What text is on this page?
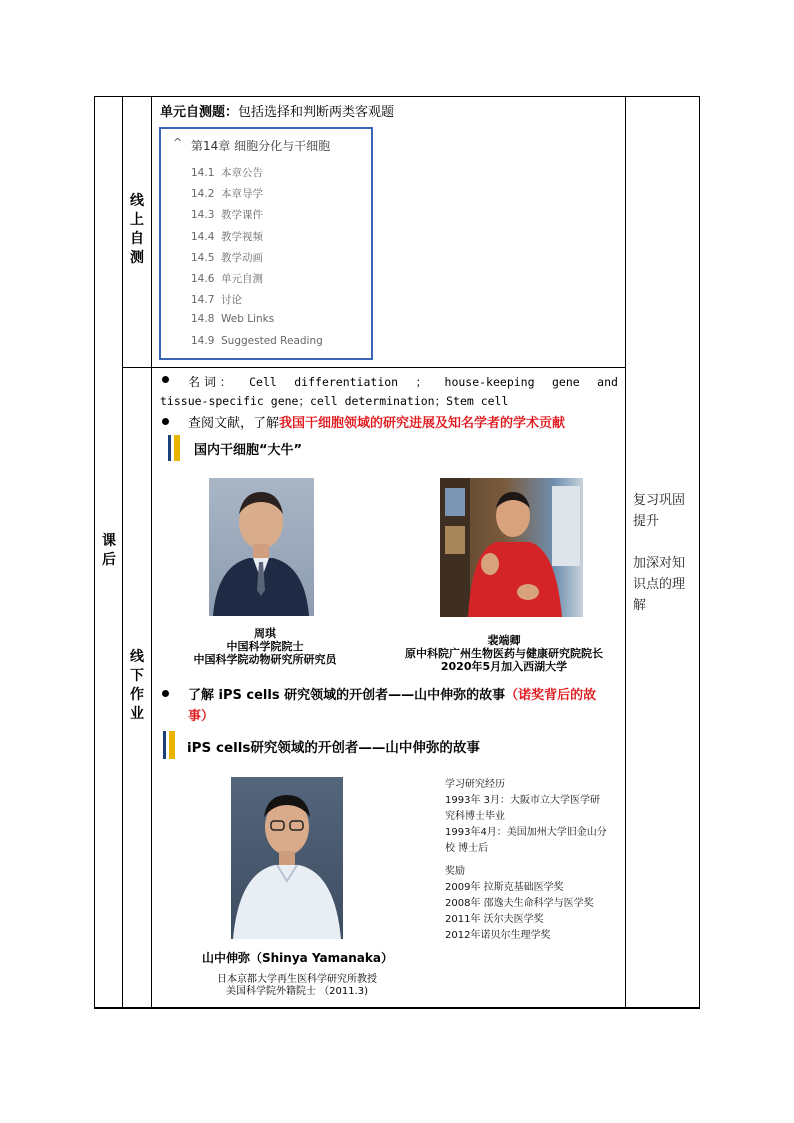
课
后
线
上
自
测
线
下
作
业
单元自测题：包括选择和判断两类客观题
^ 第14章 细胞分化与干细胞
14.1 本章公告
14.2 本章导学
14.3 教学课件
14.4 教学视频
14.5 教学动画
14.6 单元自测
14.7 讨论
14.8 Web Links
14.9 Suggested Reading
名 词 ： Cell differentiation ； house-keeping gene and
tissue-specific gene；cell determination；Stem cell
查阅文献，了解我国干细胞领域的研究进展及知名学者的学术贡献
国内干细胞“大牛”
周琪
中国科学院院士
中国科学院动物研究所研究员
裴端卿
原中科院广州生物医药与健康研究院院长
2020年5月加入西湖大学
了解 iPS cells 研究领域的开创者——山中伸弥的故事（诺奖背后的故
事）
iPS cells研究领域的开创者——山中伸弥的故事
山中伸弥（Shinya Yamanaka）
日本京都大学再生医科学研究所教授
美国科学院外籍院士 （2011.3)
学习研究经历
1993年 3月：大阪市立大学医学研
究科博士毕业
1993年4月：美国加州大学旧金山分
校 博士后
奖励
2009年 拉斯克基础医学奖
2008年 邵逸夫生命科学与医学奖
2011年 沃尔夫医学奖
2012年诺贝尔生理学奖
复习巩固
提升
加深对知
识点的理
解
